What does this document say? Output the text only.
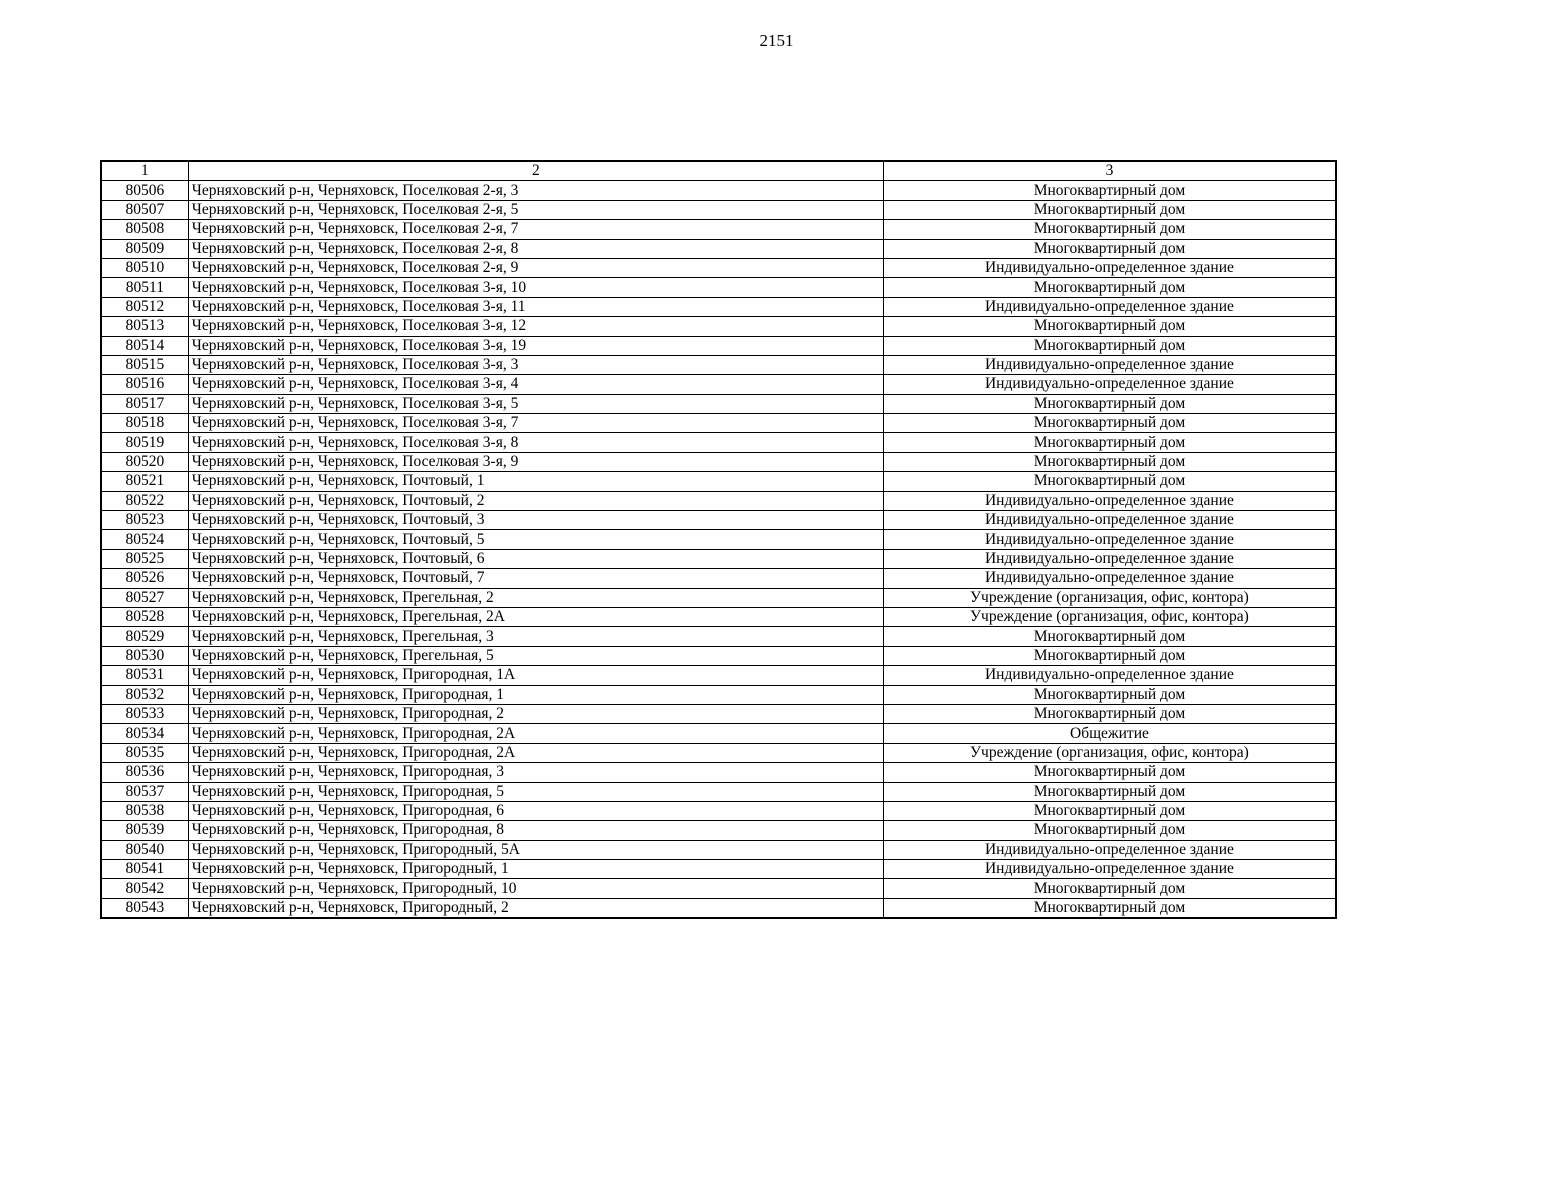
2151
1	2	3
80506	Черняховский р-н, Черняховск, Поселковая 2-я, 3	Многоквартирный дом
80507	Черняховский р-н, Черняховск, Поселковая 2-я, 5	Многоквартирный дом
80508	Черняховский р-н, Черняховск, Поселковая 2-я, 7	Многоквартирный дом
80509	Черняховский р-н, Черняховск, Поселковая 2-я, 8	Многоквартирный дом
80510	Черняховский р-н, Черняховск, Поселковая 2-я, 9	Индивидуально-определенное здание
80511	Черняховский р-н, Черняховск, Поселковая 3-я, 10	Многоквартирный дом
80512	Черняховский р-н, Черняховск, Поселковая 3-я, 11	Индивидуально-определенное здание
80513	Черняховский р-н, Черняховск, Поселковая 3-я, 12	Многоквартирный дом
80514	Черняховский р-н, Черняховск, Поселковая 3-я, 19	Многоквартирный дом
80515	Черняховский р-н, Черняховск, Поселковая 3-я, 3	Индивидуально-определенное здание
80516	Черняховский р-н, Черняховск, Поселковая 3-я, 4	Индивидуально-определенное здание
80517	Черняховский р-н, Черняховск, Поселковая 3-я, 5	Многоквартирный дом
80518	Черняховский р-н, Черняховск, Поселковая 3-я, 7	Многоквартирный дом
80519	Черняховский р-н, Черняховск, Поселковая 3-я, 8	Многоквартирный дом
80520	Черняховский р-н, Черняховск, Поселковая 3-я, 9	Многоквартирный дом
80521	Черняховский р-н, Черняховск, Почтовый, 1	Многоквартирный дом
80522	Черняховский р-н, Черняховск, Почтовый, 2	Индивидуально-определенное здание
80523	Черняховский р-н, Черняховск, Почтовый, 3	Индивидуально-определенное здание
80524	Черняховский р-н, Черняховск, Почтовый, 5	Индивидуально-определенное здание
80525	Черняховский р-н, Черняховск, Почтовый, 6	Индивидуально-определенное здание
80526	Черняховский р-н, Черняховск, Почтовый, 7	Индивидуально-определенное здание
80527	Черняховский р-н, Черняховск, Прегельная, 2	Учреждение (организация, офис, контора)
80528	Черняховский р-н, Черняховск, Прегельная, 2А	Учреждение (организация, офис, контора)
80529	Черняховский р-н, Черняховск, Прегельная, 3	Многоквартирный дом
80530	Черняховский р-н, Черняховск, Прегельная, 5	Многоквартирный дом
80531	Черняховский р-н, Черняховск, Пригородная, 1А	Индивидуально-определенное здание
80532	Черняховский р-н, Черняховск, Пригородная, 1	Многоквартирный дом
80533	Черняховский р-н, Черняховск, Пригородная, 2	Многоквартирный дом
80534	Черняховский р-н, Черняховск, Пригородная, 2А	Общежитие
80535	Черняховский р-н, Черняховск, Пригородная, 2А	Учреждение (организация, офис, контора)
80536	Черняховский р-н, Черняховск, Пригородная, 3	Многоквартирный дом
80537	Черняховский р-н, Черняховск, Пригородная, 5	Многоквартирный дом
80538	Черняховский р-н, Черняховск, Пригородная, 6	Многоквартирный дом
80539	Черняховский р-н, Черняховск, Пригородная, 8	Многоквартирный дом
80540	Черняховский р-н, Черняховск, Пригородный, 5А	Индивидуально-определенное здание
80541	Черняховский р-н, Черняховск, Пригородный, 1	Индивидуально-определенное здание
80542	Черняховский р-н, Черняховск, Пригородный, 10	Многоквартирный дом
80543	Черняховский р-н, Черняховск, Пригородный, 2	Многоквартирный дом
